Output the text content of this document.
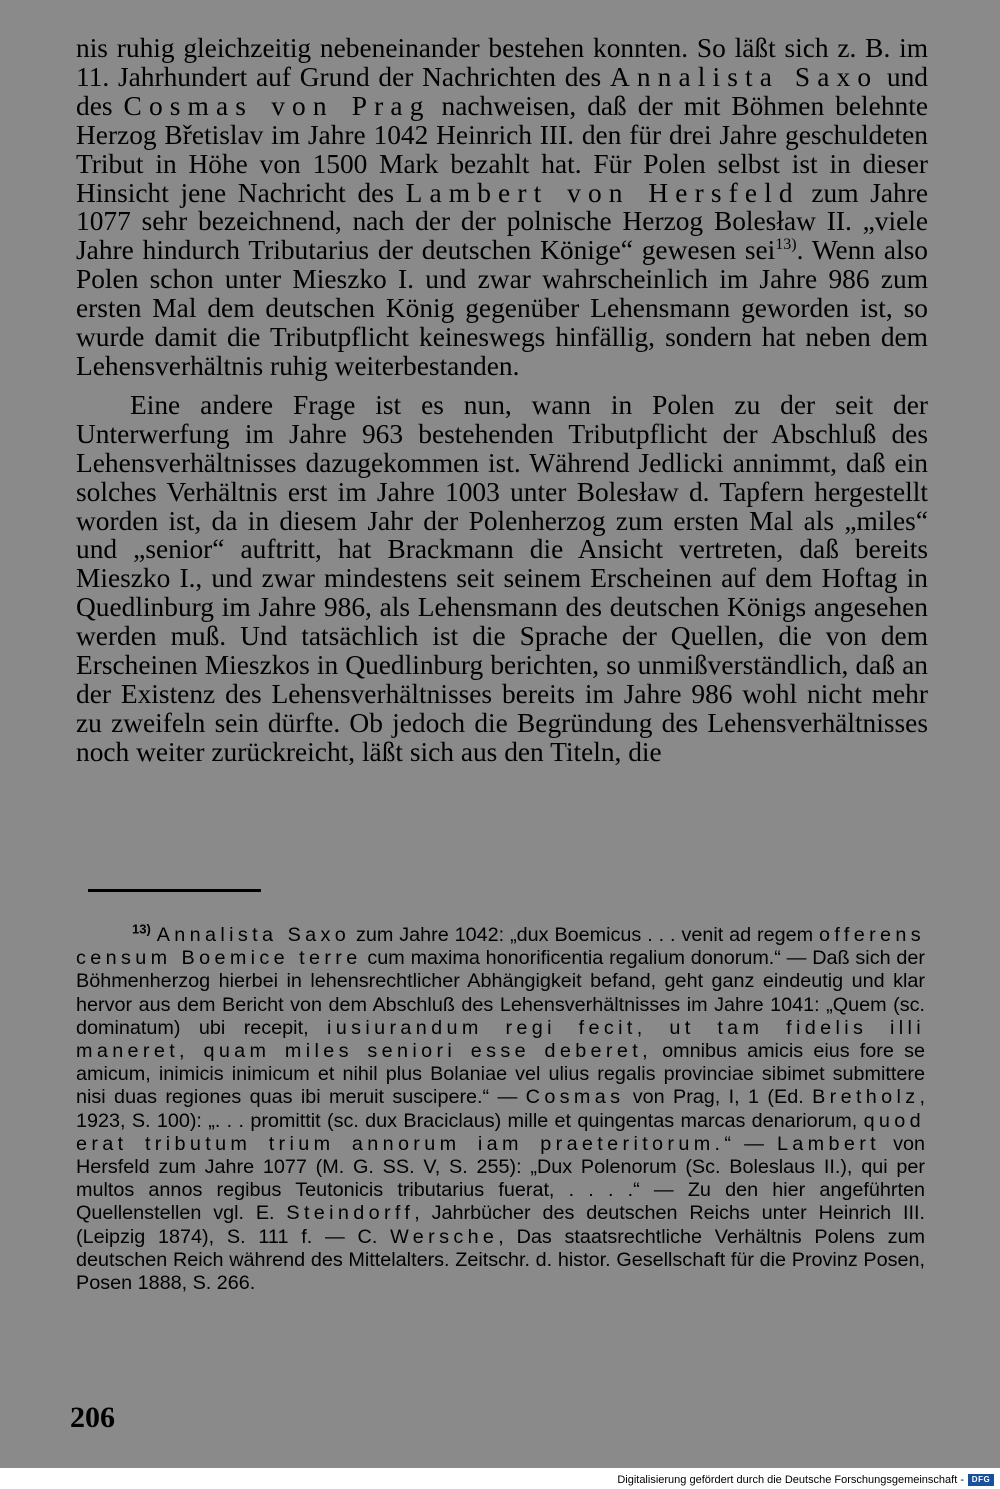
nis ruhig gleichzeitig nebeneinander bestehen konnten. So läßt sich z. B. im 11. Jahrhundert auf Grund der Nachrichten des Annalista Saxo und des Cosmas von Prag nachweisen, daß der mit Böhmen belehnte Herzog Břetislav im Jahre 1042 Heinrich III. den für drei Jahre geschuldeten Tribut in Höhe von 1500 Mark bezahlt hat. Für Polen selbst ist in dieser Hinsicht jene Nachricht des Lambert von Hersfeld zum Jahre 1077 sehr bezeichnend, nach der der polnische Herzog Bolesław II. „viele Jahre hindurch Tributarius der deutschen Könige“ gewesen sei$^{13)}$. Wenn also Polen schon unter Mieszko I. und zwar wahrscheinlich im Jahre 986 zum ersten Mal dem deutschen König gegenüber Lehensmann geworden ist, so wurde damit die Tributpflicht keineswegs hinfällig, sondern hat neben dem Lehensverhältnis ruhig weiterbestanden.

Eine andere Frage ist es nun, wann in Polen zu der seit der Unterwerfung im Jahre 963 bestehenden Tributpflicht der Abschluß des Lehensverhältnisses dazugekommen ist. Während Jedlicki annimmt, daß ein solches Verhältnis erst im Jahre 1003 unter Bolesław d. Tapfern hergestellt worden ist, da in diesem Jahr der Polenherzog zum ersten Mal als „miles“ und „senior“ auftritt, hat Brackmann die Ansicht vertreten, daß bereits Mieszko I., und zwar mindestens seit seinem Erscheinen auf dem Hoftag in Quedlinburg im Jahre 986, als Lehensmann des deutschen Königs angesehen werden muß. Und tatsächlich ist die Sprache der Quellen, die von dem Erscheinen Mieszkos in Quedlinburg berichten, so unmißverständlich, daß an der Existenz des Lehensverhältnisses bereits im Jahre 986 wohl nicht mehr zu zweifeln sein dürfte. Ob jedoch die Begründung des Lehensverhältnisses noch weiter zurückreicht, läßt sich aus den Titeln, die

$^{13)}$ Annalista Saxo zum Jahre 1042: „dux Boemicus . . . venit ad regem offerens censum Boemice terre cum maxima honorificentia regalium donorum.“ — Daß sich der Böhmenherzog hierbei in lehensrechtlicher Abhängigkeit befand, geht ganz eindeutig und klar hervor aus dem Bericht von dem Abschluß des Lehensverhältnisses im Jahre 1041: „Quem (sc. dominatum) ubi recepit, iusiurandum regi fecit, ut tam fidelis illi maneret, quam miles seniori esse deberet, omnibus amicis eius fore se amicum, inimicis inimicum et nihil plus Bolaniae vel ulius regalis provinciae sibimet submittere nisi duas regiones quas ibi meruit suscipere.“ — Cosmas von Prag, I, 1 (Ed. Bretholz, 1923, S. 100): „. . . promittit (sc. dux Braciclaus) mille et quingentas marcas denariorum, quod erat tributum trium annorum iam praeteritorum.“ — Lambert von Hersfeld zum Jahre 1077 (M. G. SS. V, S. 255): „Dux Polenorum (Sc. Boleslaus II.), qui per multos annos regibus Teutonicis tributarius fuerat, . . . .“ — Zu den hier angeführten Quellenstellen vgl. E. Steindorff, Jahrbücher des deutschen Reichs unter Heinrich III. (Leipzig 1874), S. 111 f. — C. Wersche, Das staatsrechtliche Verhältnis Polens zum deutschen Reich während des Mittelalters. Zeitschr. d. histor. Gesellschaft für die Provinz Posen, Posen 1888, S. 266.

206
Digitalisierung gefördert durch die Deutsche Forschungsgemeinschaft - DFG
